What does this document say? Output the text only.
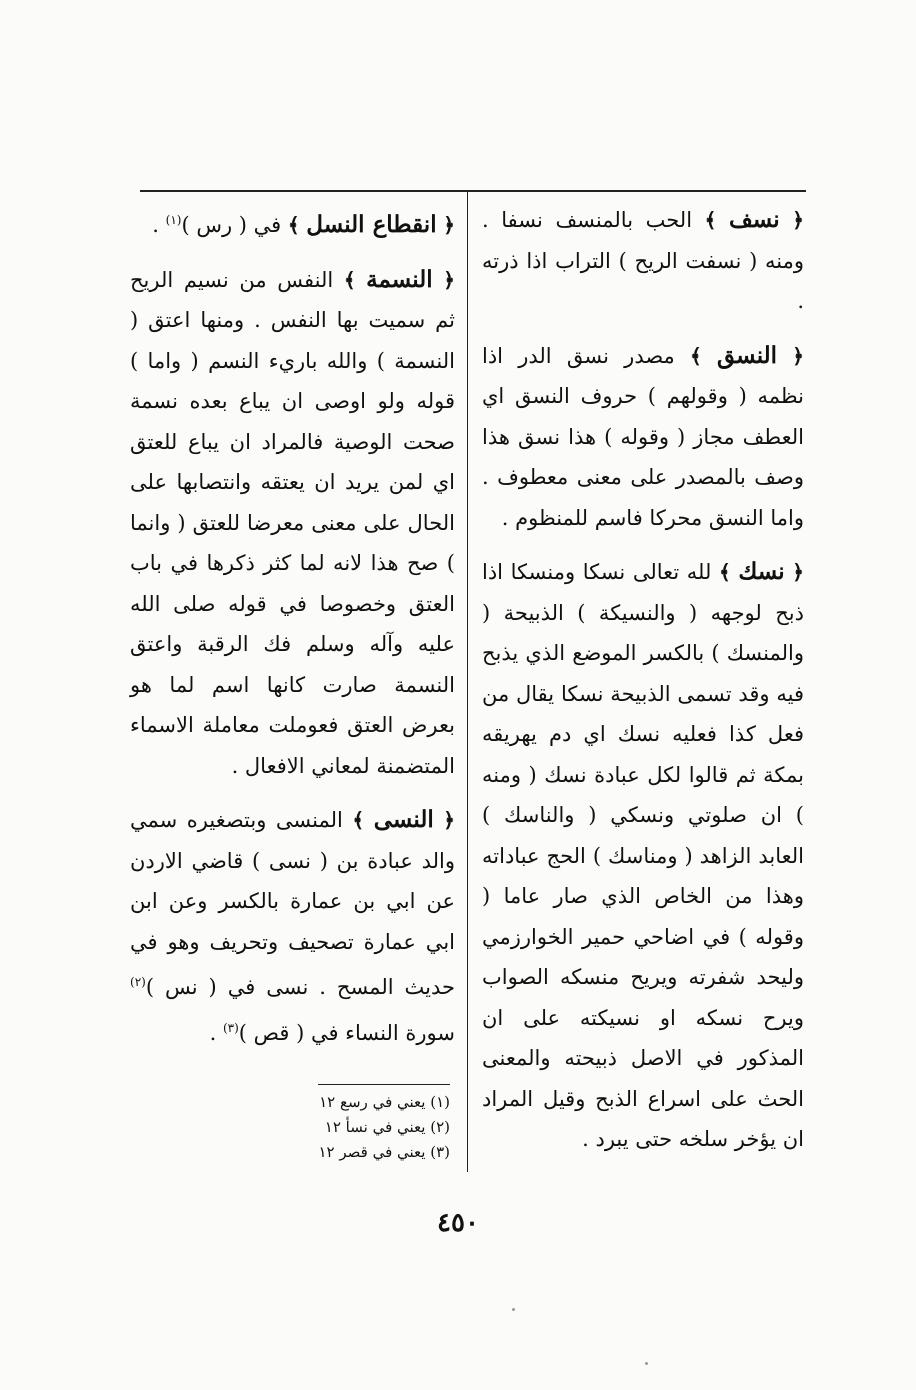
﴿ نسف ﴾ الحب بالمنسف نسفا . ومنه ( نسفت الريح ) التراب اذا ذرته .

﴿ النسق ﴾ مصدر نسق الدر اذا نظمه ( وقولهم ) حروف النسق اي العطف مجاز ( وقوله ) هذا نسق هذا وصف بالمصدر على معنى معطوف . واما النسق محركا فاسم للمنظوم .

﴿ نسك ﴾ لله تعالى نسكا ومنسكا اذا ذبح لوجهه ( والنسيكة ) الذبيحة ( والمنسك ) بالكسر الموضع الذي يذبح فيه وقد تسمى الذبيحة نسكا يقال من فعل كذا فعليه نسك اي دم يهريقه بمكة ثم قالوا لكل عبادة نسك ( ومنه ) ان صلوتي ونسكي ( والناسك ) العابد الزاهد ( ومناسك ) الحج عباداته وهذا من الخاص الذي صار عاما ( وقوله ) في اضاحي حمير الخوارزمي وليحد شفرته ويريح منسكه الصواب ويرح نسكه او نسيكته على ان المذكور في الاصل ذبيحته والمعنى الحث على اسراع الذبح وقيل المراد ان يؤخر سلخه حتى يبرد .

﴿ انقطاع النسل ﴾ في ( رس )$^{(١)}$ .

﴿ النسمة ﴾ النفس من نسيم الريح ثم سميت بها النفس . ومنها اعتق ( النسمة ) والله باريء النسم ( واما ) قوله ولو اوصى ان يباع بعده نسمة صحت الوصية فالمراد ان يباع للعتق اي لمن يريد ان يعتقه وانتصابها على الحال على معنى معرضا للعتق ( وانما ) صح هذا لانه لما كثر ذكرها في باب العتق وخصوصا في قوله صلى الله عليه وآله وسلم فك الرقبة واعتق النسمة صارت كانها اسم لما هو بعرض العتق فعوملت معاملة الاسماء المتضمنة لمعاني الافعال .

﴿ النسى ﴾ المنسى وبتصغيره سمي والد عبادة بن ( نسى ) قاضي الاردن عن ابي بن عمارة بالكسر وعن ابن ابي عمارة تصحيف وتحريف وهو في حديث المسح . نسى في ( نس )$^{(٢)}$ سورة النساء في ( قص )$^{(٣)}$ .

(١) يعني في رسع ١٢
(٢) يعني في نسأ ١٢
(٣) يعني في قصر ١٢
٤٥٠
